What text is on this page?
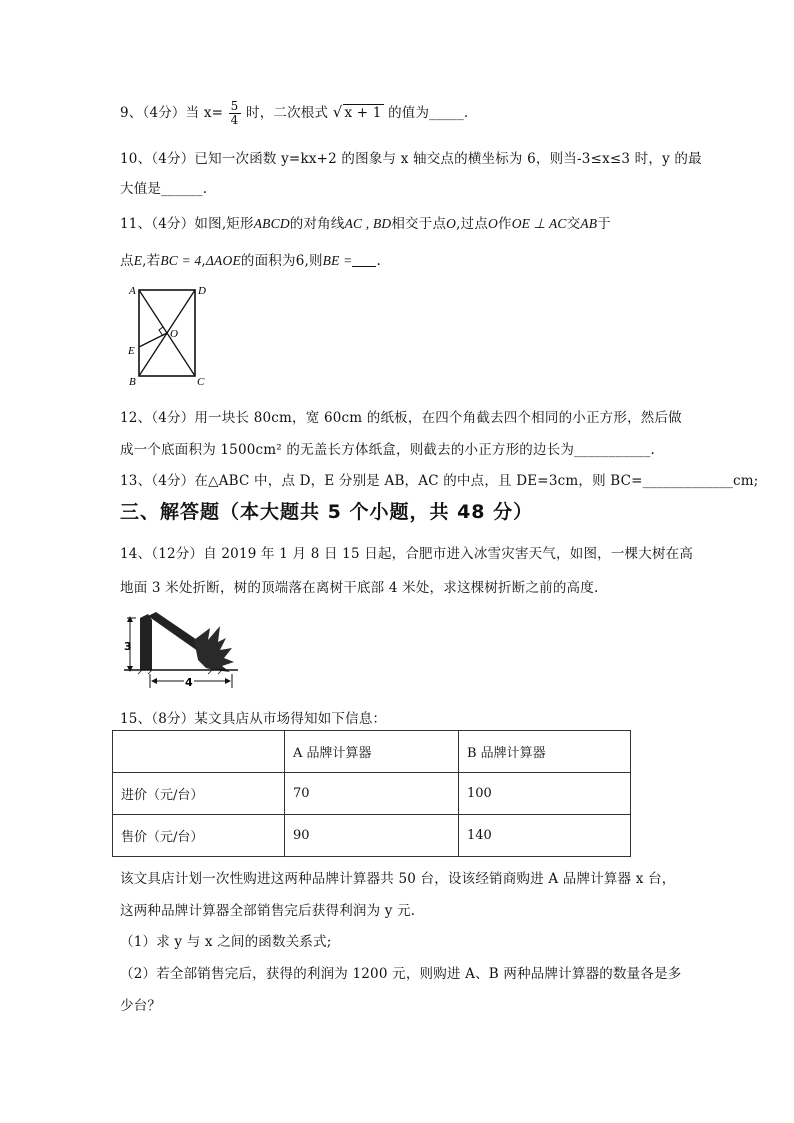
9、（4分）当 $x= \frac{5}{4}$ 时，二次根式 √ x + 1 的值为_____.
10、（4分）已知一次函数 y=kx+2 的图象与 x 轴交点的横坐标为 6，则当-3≤x≤3 时，y 的最
大值是______.
11、（4分）如图,矩形ABCD的对角线AC , BD相交于点O,过点O作OE ⊥ AC交AB于
点E,若BC = 4,ΔAOE的面积为6,则BE = .
A	D
O
E
B	C
12、（4分）用一块长 80cm，宽 60cm 的纸板，在四个角截去四个相同的小正方形，然后做
成一个底面积为 1500cm² 的无盖长方体纸盒，则截去的小正方形的边长为___________.
13、（4分）在△ABC 中，点 D，E 分别是 AB，AC 的中点，且 DE=3cm，则 BC=_____________cm;
三、解答题（本大题共 5 个小题，共 48 分）
14、（12分）自 2019 年 1 月 8 日 15 日起，合肥市进入冰雪灾害天气，如图，一棵大树在高
地面 3 米处折断，树的顶端落在离树干底部 4 米处，求这棵树折断之前的高度.
3
4
15、（8分）某文具店从市场得知如下信息：
	A 品牌计算器	B 品牌计算器
进价（元/台）	70	100
售价（元/台）	90	140
该文具店计划一次性购进这两种品牌计算器共 50 台，设该经销商购进 A 品牌计算器 x 台，
这两种品牌计算器全部销售完后获得利润为 y 元.
（1）求 y 与 x 之间的函数关系式;
（2）若全部销售完后，获得的利润为 1200 元，则购进 A、B 两种品牌计算器的数量各是多
少台？
